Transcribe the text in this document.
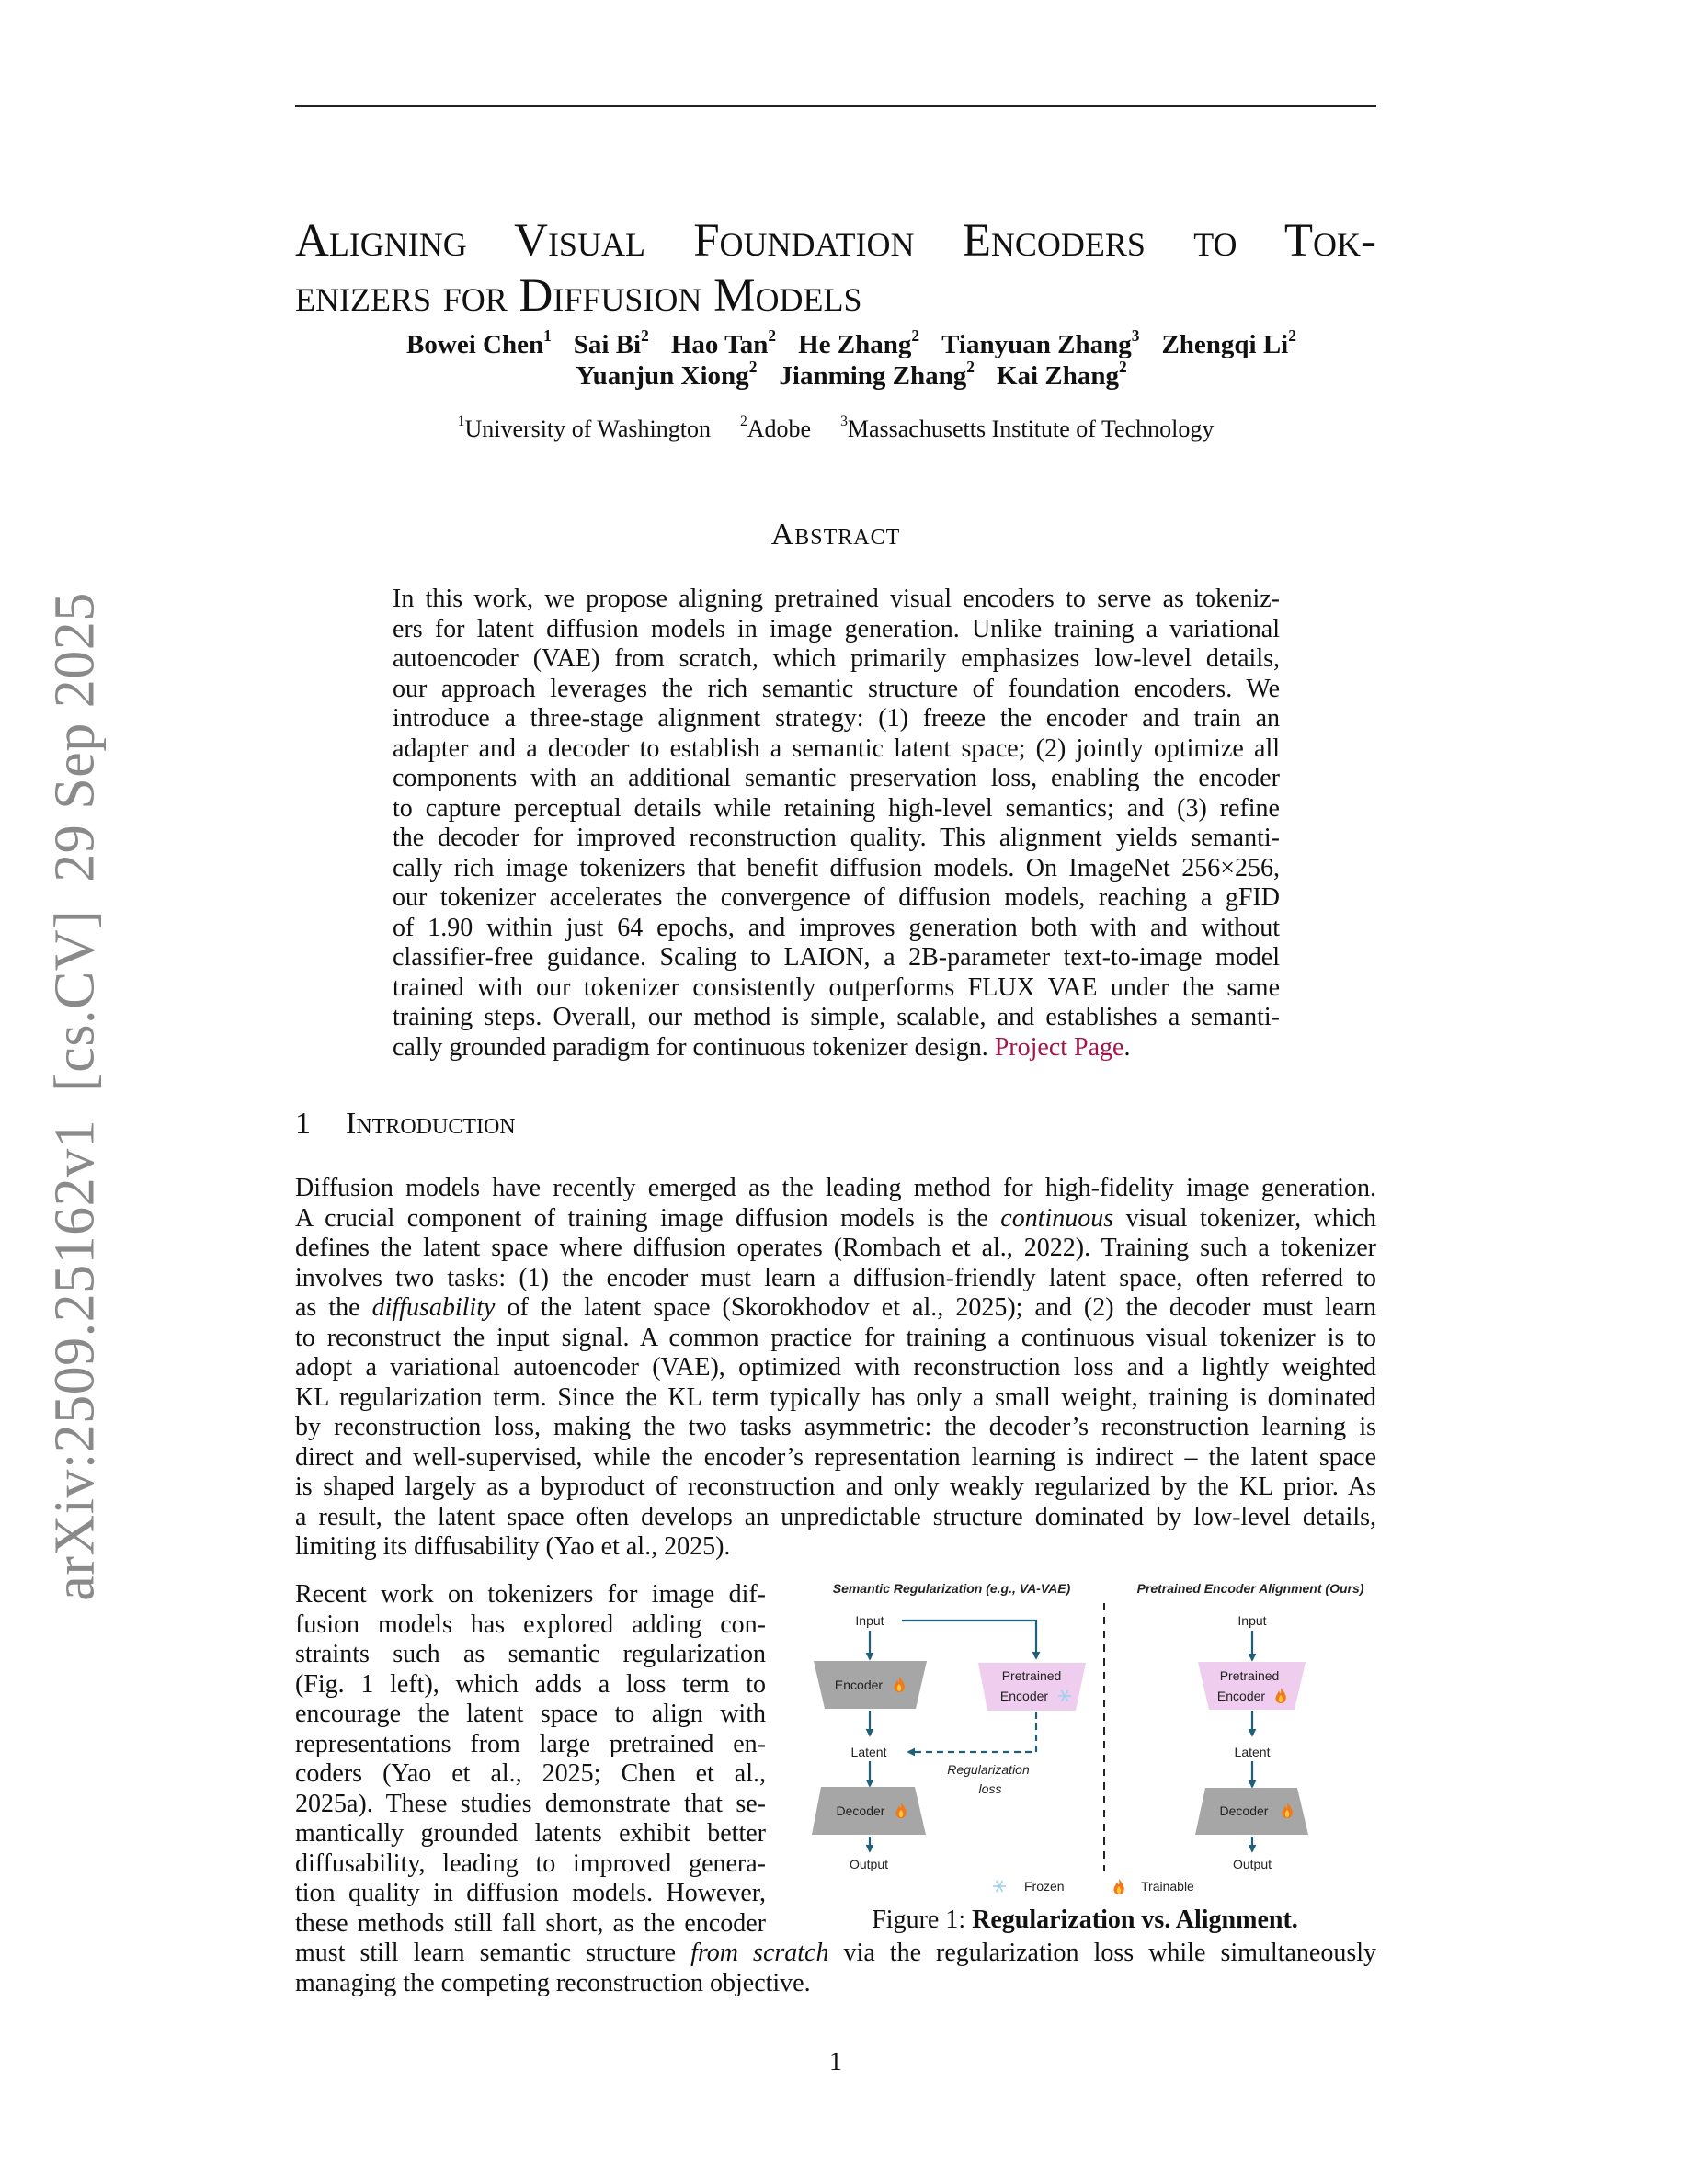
arXiv:2509.25162v1[cs.CV]29 Sep 2025
Aligning Visual Foundation Encoders to Tok-
enizers for Diffusion Models
Bowei Chen$^1$ Sai Bi$^2$ Hao Tan$^2$ He Zhang$^2$ Tianyuan Zhang$^3$ Zhengqi Li$^2$
Yuanjun Xiong$^2$ Jianming Zhang$^2$ Kai Zhang$^2$
$^1$University of Washington $^2$Adobe $^3$Massachusetts Institute of Technology
Abstract
In this work, we propose aligning pretrained visual encoders to serve as tokeniz-
ers for latent diffusion models in image generation. Unlike training a variational
autoencoder (VAE) from scratch, which primarily emphasizes low-level details,
our approach leverages the rich semantic structure of foundation encoders. We
introduce a three-stage alignment strategy: (1) freeze the encoder and train an
adapter and a decoder to establish a semantic latent space; (2) jointly optimize all
components with an additional semantic preservation loss, enabling the encoder
to capture perceptual details while retaining high-level semantics; and (3) refine
the decoder for improved reconstruction quality. This alignment yields semanti-
cally rich image tokenizers that benefit diffusion models. On ImageNet 256×256,
our tokenizer accelerates the convergence of diffusion models, reaching a gFID
of 1.90 within just 64 epochs, and improves generation both with and without
classifier-free guidance. Scaling to LAION, a 2B-parameter text-to-image model
trained with our tokenizer consistently outperforms FLUX VAE under the same
training steps. Overall, our method is simple, scalable, and establishes a semanti-
cally grounded paradigm for continuous tokenizer design. Project Page.
1 Introduction
Diffusion models have recently emerged as the leading method for high-fidelity image generation.
A crucial component of training image diffusion models is the continuous visual tokenizer, which
defines the latent space where diffusion operates (Rombach et al., 2022). Training such a tokenizer
involves two tasks: (1) the encoder must learn a diffusion-friendly latent space, often referred to
as the diffusability of the latent space (Skorokhodov et al., 2025); and (2) the decoder must learn
to reconstruct the input signal. A common practice for training a continuous visual tokenizer is to
adopt a variational autoencoder (VAE), optimized with reconstruction loss and a lightly weighted
KL regularization term. Since the KL term typically has only a small weight, training is dominated
by reconstruction loss, making the two tasks asymmetric: the decoder’s reconstruction learning is
direct and well-supervised, while the encoder’s representation learning is indirect – the latent space
is shaped largely as a byproduct of reconstruction and only weakly regularized by the KL prior. As
a result, the latent space often develops an unpredictable structure dominated by low-level details,
limiting its diffusability (Yao et al., 2025).
Recent work on tokenizers for image dif-
fusion models has explored adding con-
straints such as semantic regularization
(Fig. 1 left), which adds a loss term to
encourage the latent space to align with
representations from large pretrained en-
coders (Yao et al., 2025; Chen et al.,
2025a). These studies demonstrate that se-
mantically grounded latents exhibit better
diffusability, leading to improved genera-
tion quality in diffusion models. However,
these methods still fall short, as the encoder
must still learn semantic structure from scratch via the regularization loss while simultaneously
managing the competing reconstruction objective.
Semantic Regularization (e.g., VA-VAE)	Pretrained Encoder Alignment (Ours)
Input
Encoder
Pretrained
Encoder
Latent
Regularization
loss
Decoder
Output
Input
Pretrained
Encoder
Latent
Decoder
Output
Frozen	Trainable
Figure 1: Regularization vs. Alignment.
1
